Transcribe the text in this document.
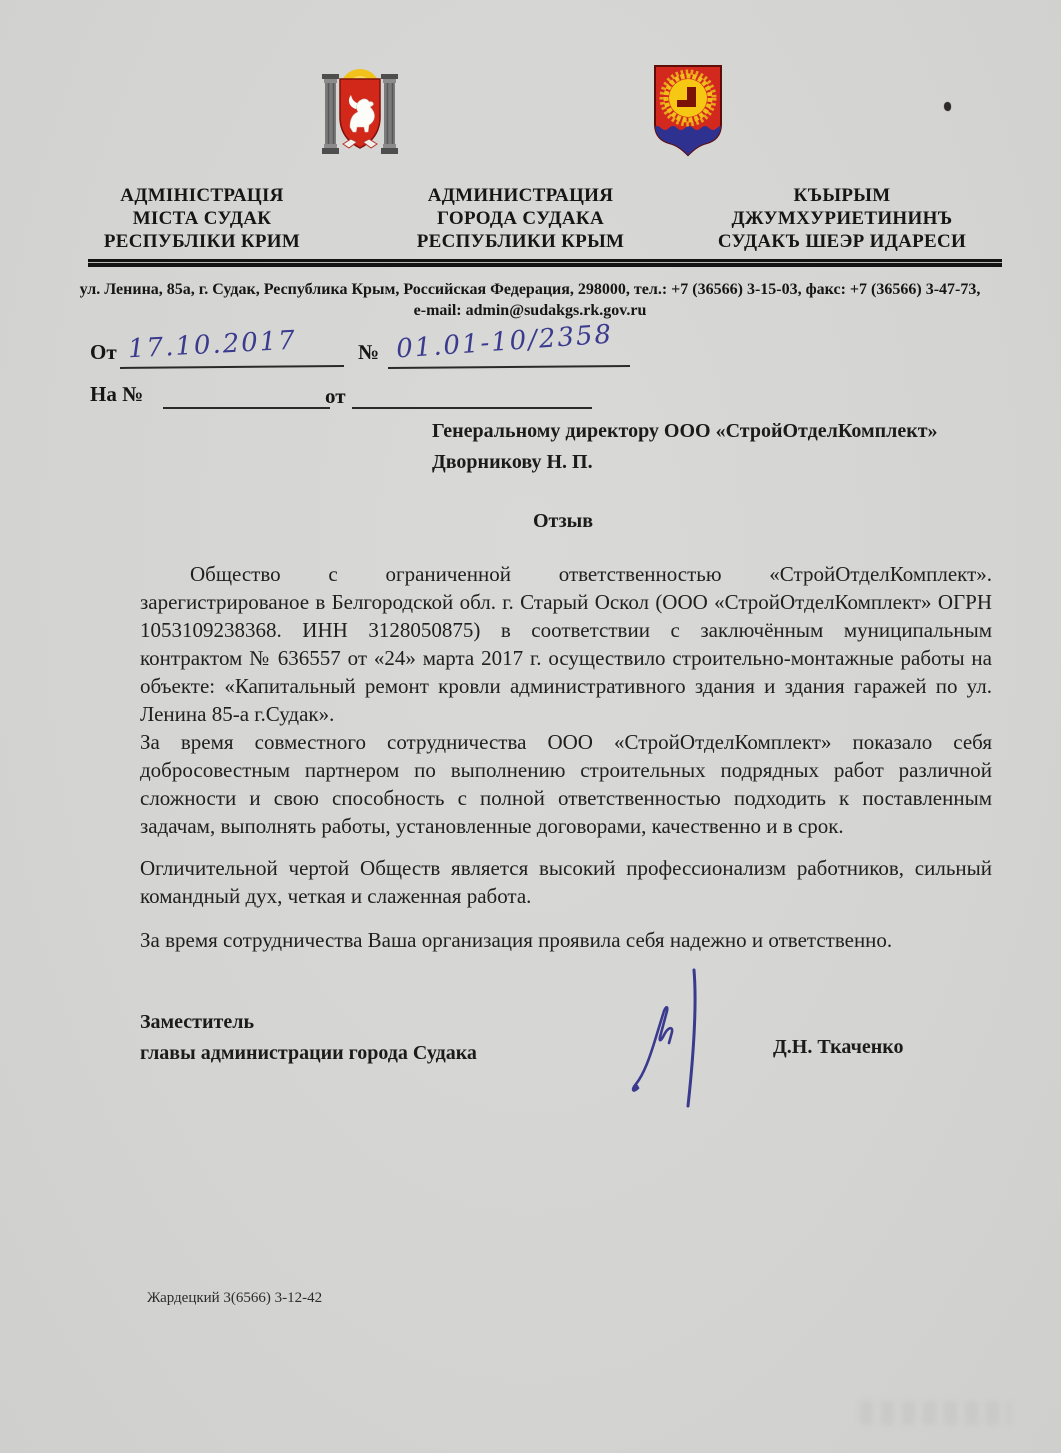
АДМІНІСТРАЦІЯ
МІСТА СУДАК
РЕСПУБЛІКИ КРИМ
АДМИНИСТРАЦИЯ
ГОРОДА СУДАКА
РЕСПУБЛИКИ КРЫМ
КЪЫРЫМ
ДЖУМХУРИЕТИНИНЪ
СУДАКЪ ШЕЭР ИДАРЕСИ
ул. Ленина, 85а, г. Судак, Республика Крым, Российская Федерация, 298000, тел.: +7 (36566) 3-15-03, факс: +7 (36566) 3-47-73,
e-mail: admin@sudakgs.rk.gov.ru
От 17.10.2017	№ 01.01-10/2358
На №	от
Генеральному директору ООО «СтройОтделКомплект»
Дворникову Н. П.
Отзыв

Общество с ограниченной ответственностью «СтройОтделКомплект». зарегистрированое в Белгородской обл. г. Старый Оскол (ООО «СтройОтделКомплект» ОГРН 1053109238368. ИНН 3128050875) в соответствии с заключённым муниципальным контрактом № 636557 от «24» марта 2017 г. осуществило строительно-монтажные работы на объекте: «Капитальный ремонт кровли административного здания и здания гаражей по ул. Ленина 85-а г.Судак».

За время совместного сотрудничества ООО «СтройОтделКомплект» показало себя добросовестным партнером по выполнению строительных подрядных работ различной сложности и свою способность с полной ответственностью подходить к поставленным задачам, выполнять работы, установленные договорами, качественно и в срок.

Огличительной чертой Обществ является высокий профессионализм работников, сильный командный дух, четкая и слаженная работа.

За время сотрудничества Ваша организация проявила себя надежно и ответственно.

Заместитель
главы администрации города Судака	Д.Н. Ткаченко
Жардецкий 3(6566) 3-12-42
